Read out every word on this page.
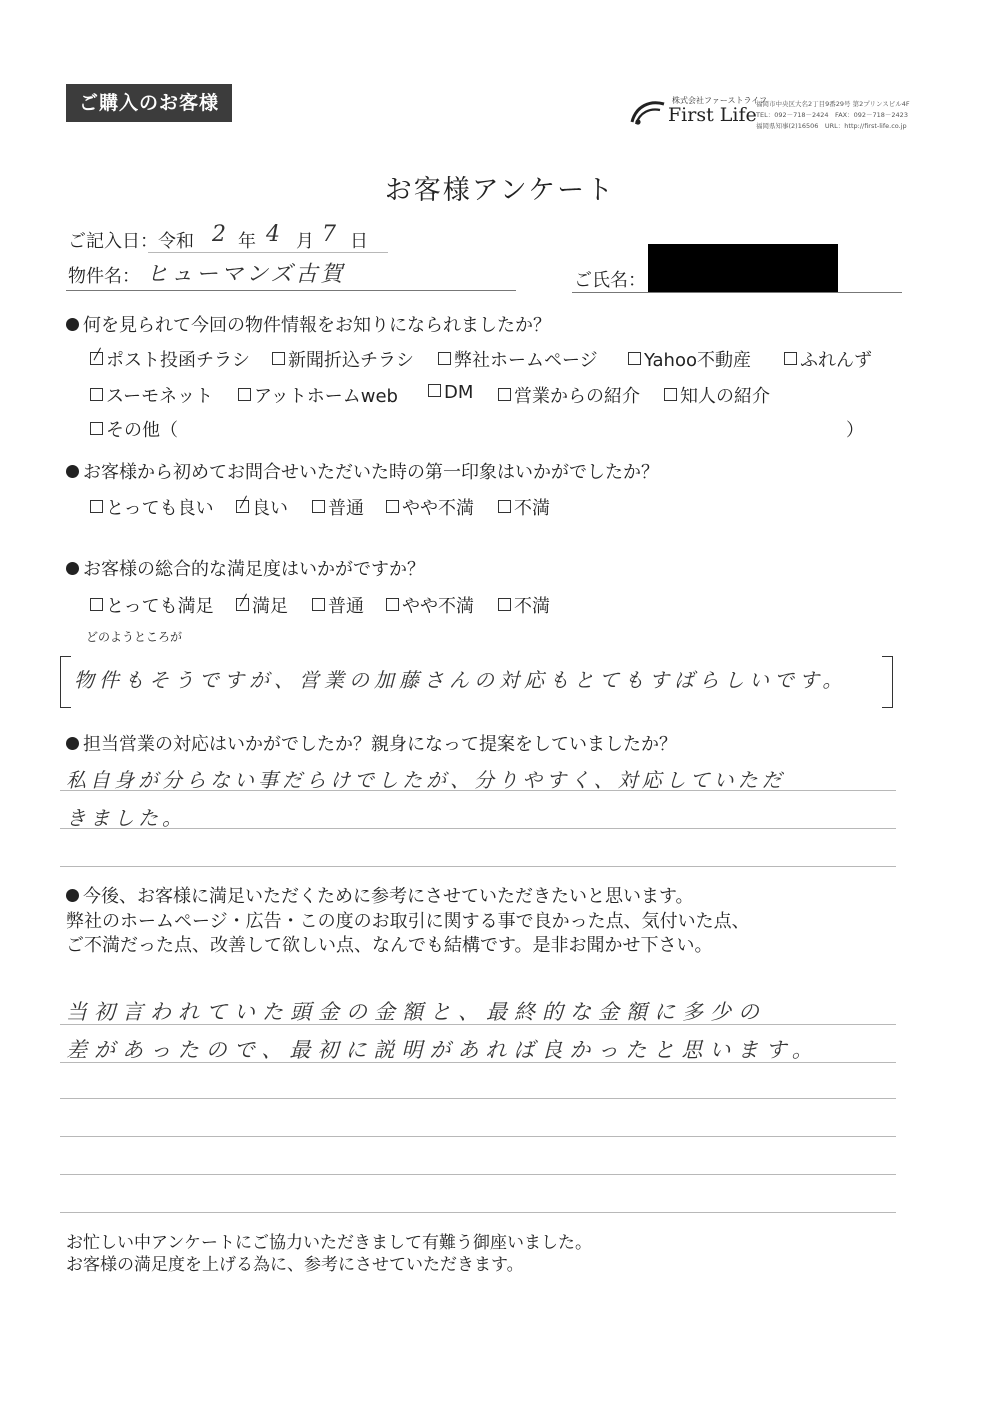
ご購入のお客様	株式会社ファーストライフ
First Life 福岡市中央区大名2丁目9番29号 第2プリンスビル4F
TEL：092－718－2424　FAX：092－718－2423
福岡県知事(2)16506　URL：http://first-life.co.jp
お客様アンケート
ご記入日：令和 2 年 4 月 7 日
物件名： ヒューマンズ古賀	ご氏名：
何を見られて今回の物件情報をお知りになられましたか？
ポスト投函チラシ	新聞折込チラシ	弊社ホームページ	Yahoo不動産	ふれんず
スーモネット	アットホームweb	DM	営業からの紹介	知人の紹介
その他（	）
お客様から初めてお問合せいただいた時の第一印象はいかがでしたか？
とっても良い	良い	普通	やや不満	不満
お客様の総合的な満足度はいかがですか？
とっても満足	満足	普通	やや不満	不満
どのようところが
物件もそうですが、営業の加藤さんの対応もとてもすばらしいです。
担当営業の対応はいかがでしたか？親身になって提案をしていましたか？
私自身が分らない事だらけでしたが、分りやすく、対応していただ
きました。
今後、お客様に満足いただくために参考にさせていただきたいと思います。
弊社のホームページ・広告・この度のお取引に関する事で良かった点、気付いた点、
ご不満だった点、改善して欲しい点、なんでも結構です。是非お聞かせ下さい。
当初言われていた頭金の金額と、最終的な金額に多少の
差があったので、最初に説明があれば良かったと思います。
お忙しい中アンケートにご協力いただきまして有難う御座いました。
お客様の満足度を上げる為に、参考にさせていただきます。
